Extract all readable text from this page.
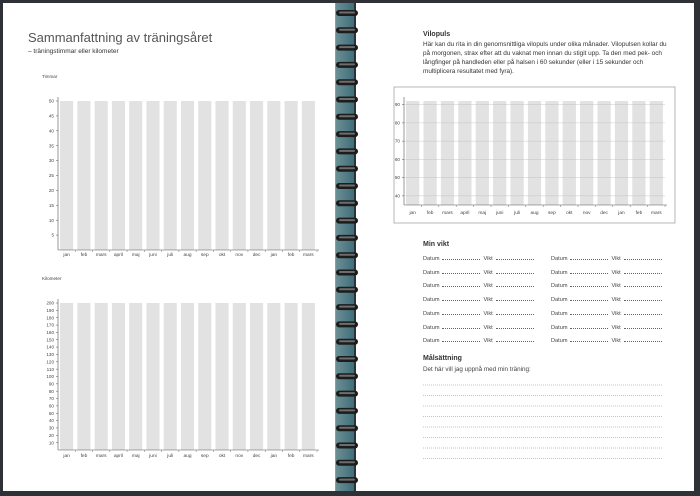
Sammanfattning av träningsåret
– träningstimmar eller kilometer
Timmar
Kilometer
5
10
15
20
25
30
35
40
45
50
jan feb mars april maj juni juli aug sep okt nov dec jan feb mars
10
20
30
40
50
60
70
80
90
100
110
120
130
140
150
160
170
180
190
200
jan feb mars april maj juni juli aug sep okt nov dec jan feb mars
40
50
60
70
80
90
jan feb mars april maj juni juli aug sep okt nov dec jan feb mars
Vilopuls
Här kan du rita in din genomsnittliga vilopuls under olika månader. Vilopulsen kollar du på morgonen, strax efter att du vaknat men innan du stigit upp. Ta den med pek- och långfinger på handleden eller på halsen i 60 sekunder (eller i 15 sekunder och multiplicera resultatet med fyra).
Min vikt
Datum	Vikt
Datum	Vikt
Datum	Vikt
Datum	Vikt
Datum	Vikt
Datum	Vikt
Datum	Vikt
Datum	Vikt
Datum	Vikt
Datum	Vikt
Datum	Vikt
Datum	Vikt
Datum	Vikt
Datum	Vikt
Målsättning
Det här vill jag uppnå med min träning:
